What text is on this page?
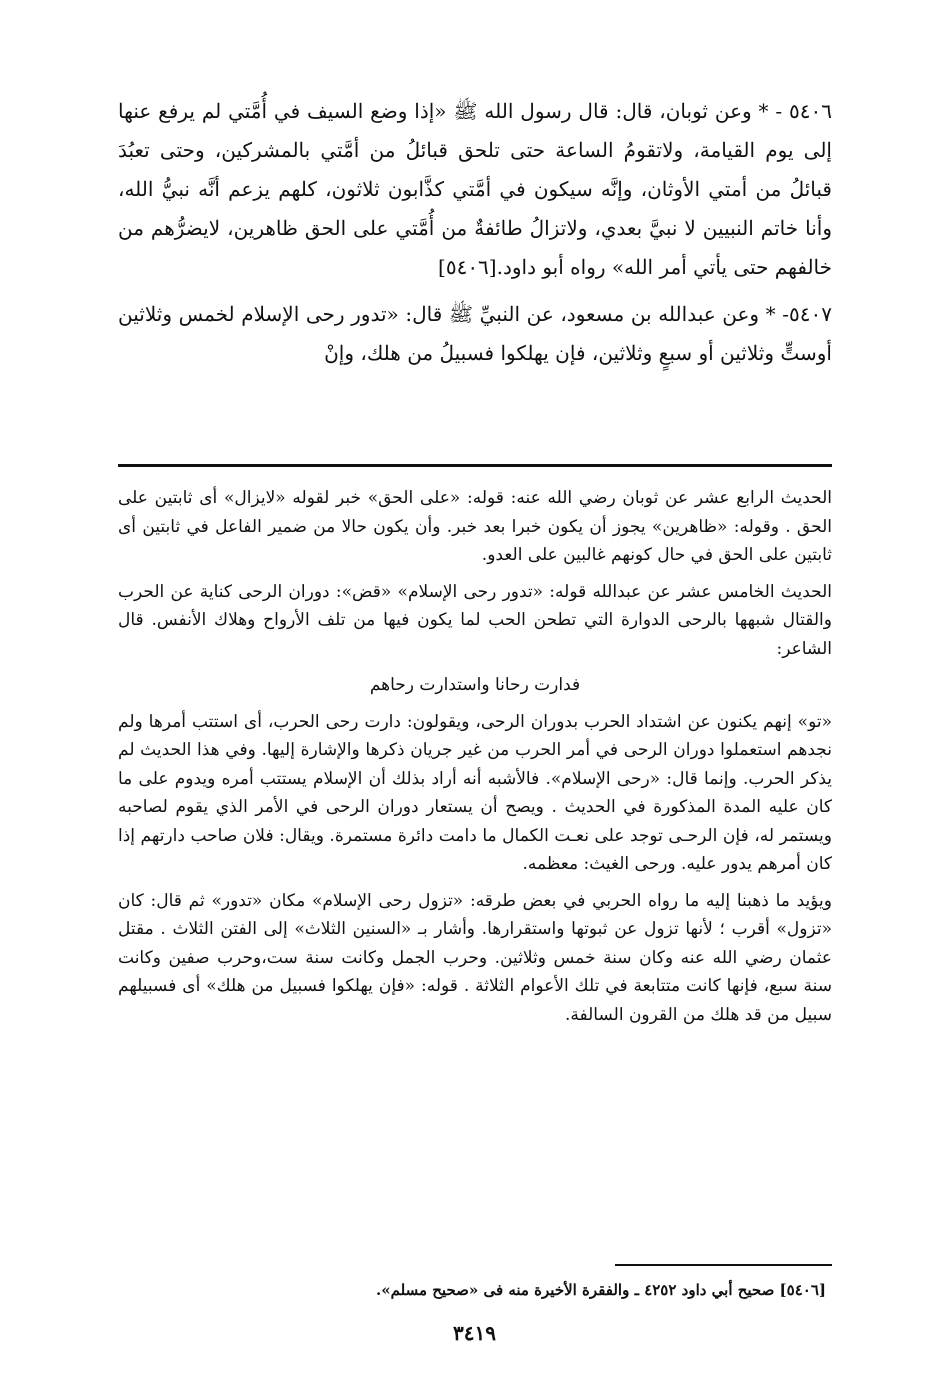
٥٤٠٦ - * وعن ثوبان، قال: قال رسول الله ﷺ «إذا وضع السيف في أُمَّتي لم يرفع عنها إلى يوم القيامة، ولاتقومُ الساعة حتى تلحق قبائلُ من أمَّتي بالمشركين، وحتى تعبُدَ قبائلُ من أمتي الأوثان، وإنَّه سيكون في أمَّتي كذَّابون ثلاثون، كلهم يزعم أنَّه نبيُّ الله، وأنا خاتم النبيين لا نبيَّ بعدي، ولاتزالُ طائفةٌ من أُمَّتي على الحق ظاهرين، لايضرُّهم من خالفهم حتى يأتي أمر الله» رواه أبو داود.[٥٤٠٦]

٥٤٠٧- * وعن عبدالله بن مسعود، عن النبيِّ ﷺ قال: «تدور رحى الإسلام لخمس وثلاثين أوستٍّ وثلاثين أو سبعٍ وثلاثين، فإن يهلكوا فسبيلُ من هلك، وإنْ

الحديث الرابع عشر عن ثوبان رضي الله عنه: قوله: «على الحق» خبر لقوله «لايزال» أى ثابتين على الحق . وقوله: «ظاهرين» يجوز أن يكون خبرا بعد خبر. وأن يكون حالا من ضمير الفاعل في ثابتين أى ثابتين على الحق في حال كونهم غالبين على العدو.

الحديث الخامس عشر عن عبدالله قوله: «تدور رحى الإسلام» «قض»: دوران الرحى كناية عن الحرب والقتال شبهها بالرحى الدوارة التي تطحن الحب لما يكون فيها من تلف الأرواح وهلاك الأنفس. قال الشاعر:

فدارت رحانا واستدارت رحاهم

«تو» إنهم يكنون عن اشتداد الحرب بدوران الرحى، ويقولون: دارت رحى الحرب، أى استتب أمرها ولم نجدهم استعملوا دوران الرحى في أمر الحرب من غير جريان ذكرها والإشارة إليها. وفي هذا الحديث لم يذكر الحرب. وإنما قال: «رحى الإسلام». فالأشبه أنه أراد بذلك أن الإسلام يستتب أمره ويدوم على ما كان عليه المدة المذكورة في الحديث . ويصح أن يستعار دوران الرحى في الأمر الذي يقوم لصاحبه ويستمر له، فإن الرحـى توجد على نعـت الكمال ما دامت دائرة مستمرة. ويقال: فلان صاحب دارتهم إذا كان أمرهم يدور عليه. ورحى الغيث: معظمه.

ويؤيد ما ذهبنا إليه ما رواه الحربي في بعض طرقه: «تزول رحى الإسلام» مكان «تدور» ثم قال: كان «تزول» أقرب ؛ لأنها تزول عن ثبوتها واستقرارها. وأشار بـ «السنين الثلاث» إلى الفتن الثلاث . مقتل عثمان رضي الله عنه وكان سنة خمس وثلاثين. وحرب الجمل وكانت سنة ست،وحرب صفين وكانت سنة سبع، فإنها كانت متتابعة في تلك الأعوام الثلاثة . قوله: «فإن يهلكوا فسبيل من هلك» أى فسبيلهم سبيل من قد هلك من القرون السالفة.

[٥٤٠٦] صحيح أبي داود ٤٢٥٢ ـ والفقرة الأخيرة منه فى «صحيح مسلم».
٣٤١٩
